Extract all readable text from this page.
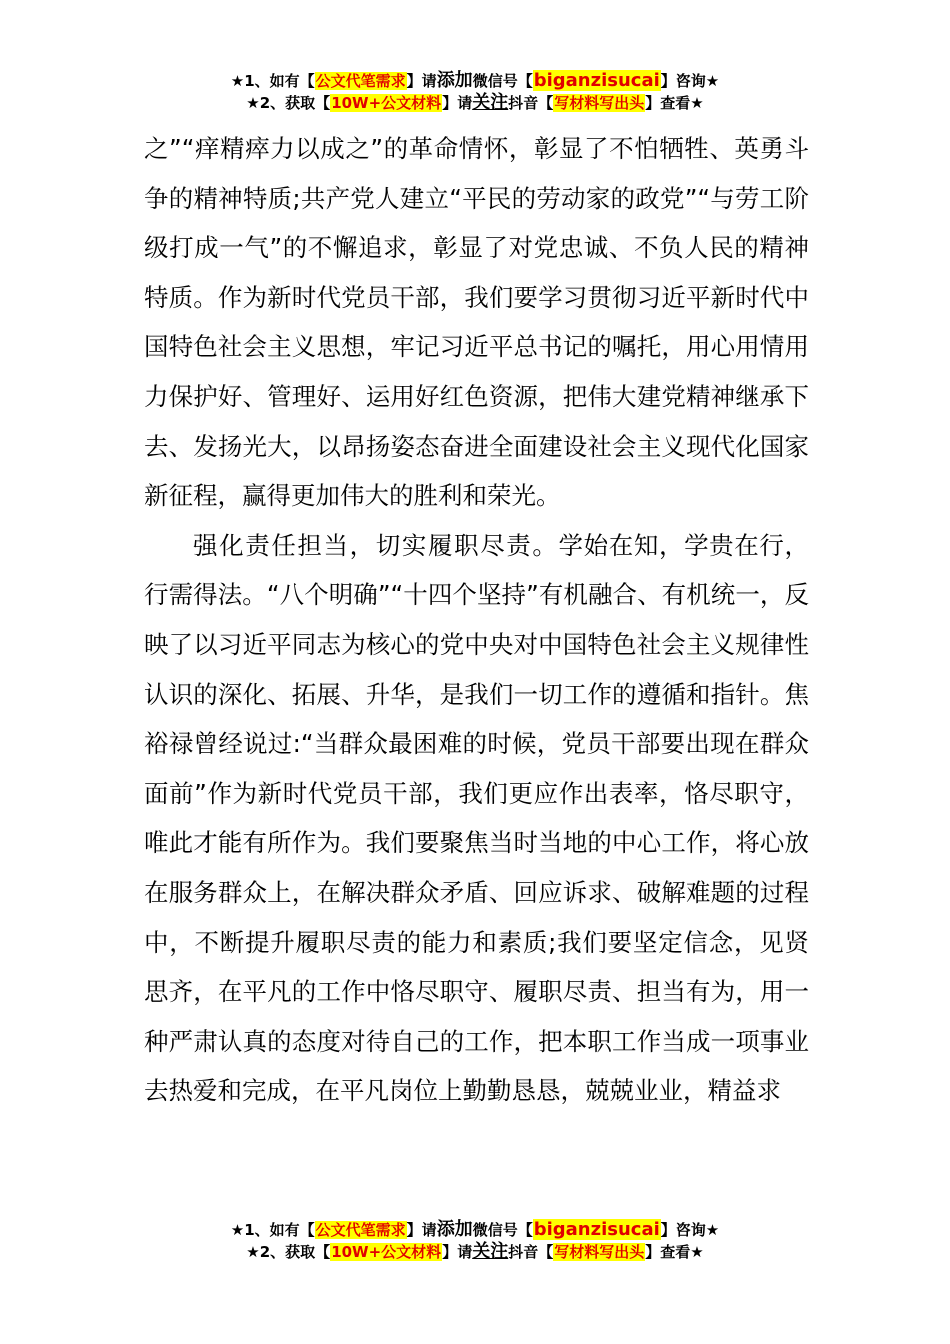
★1、如有【公文代笔需求】请添加微信号【biganzisucai】咨询★
★2、获取【10W+公文材料】请关注抖音【写材料写出头】查看★

之”“痒精瘁力以成之”的革命情怀，彰显了不怕牺牲、英勇斗争的精神特质;共产党人建立“平民的劳动家的政党”“与劳工阶级打成一气”的不懈追求，彰显了对党忠诚、不负人民的精神特质。作为新时代党员干部，我们要学习贯彻习近平新时代中国特色社会主义思想，牢记习近平总书记的嘱托，用心用情用力保护好、管理好、运用好红色资源，把伟大建党精神继承下去、发扬光大，以昂扬姿态奋进全面建设社会主义现代化国家新征程，赢得更加伟大的胜利和荣光。

强化责任担当，切实履职尽责。学始在知，学贵在行，行需得法。“八个明确”“十四个坚持”有机融合、有机统一，反映了以习近平同志为核心的党中央对中国特色社会主义规律性认识的深化、拓展、升华，是我们一切工作的遵循和指针。焦裕禄曾经说过:“当群众最困难的时候，党员干部要出现在群众面前”作为新时代党员干部，我们更应作出表率，恪尽职守，唯此才能有所作为。我们要聚焦当时当地的中心工作，将心放在服务群众上，在解决群众矛盾、回应诉求、破解难题的过程中，不断提升履职尽责的能力和素质;我们要坚定信念，见贤思齐，在平凡的工作中恪尽职守、履职尽责、担当有为，用一种严肃认真的态度对待自己的工作，把本职工作当成一项事业去热爱和完成，在平凡岗位上勤勤恳恳，兢兢业业，精益求

★1、如有【公文代笔需求】请添加微信号【biganzisucai】咨询★
★2、获取【10W+公文材料】请关注抖音【写材料写出头】查看★
